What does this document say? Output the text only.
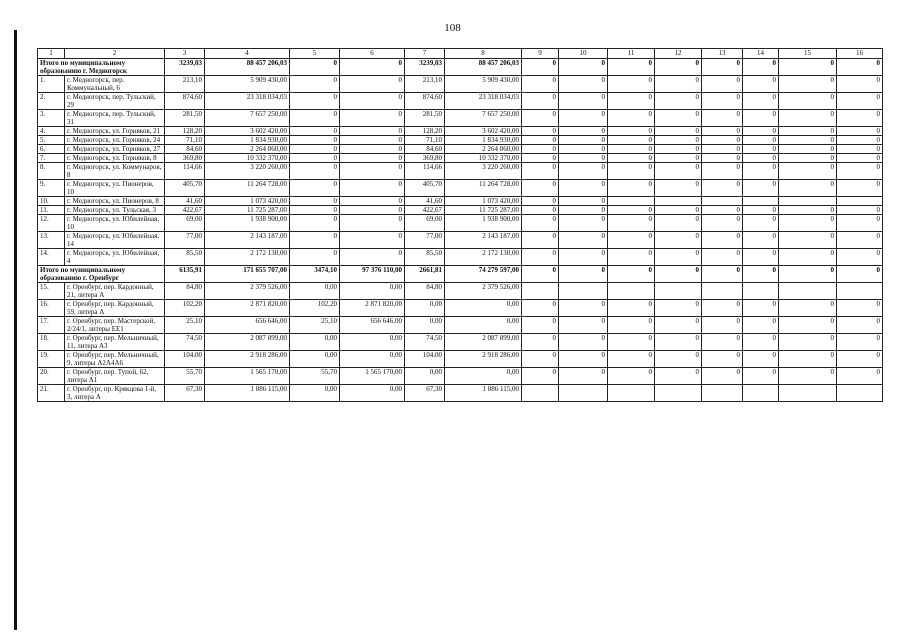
108
1	2	3	4	5	6	7	8	9	10	11	12	13	14	15	16
Итого по муниципальному образованию г. Медногорск		3239,03	88 457 206,03	0	0	3239,03	88 457 206,03	0	0	0	0	0	0	0	0
1.	г. Медногорск, пер. Коммунальный, 6	213,10	5 909 430,00	0	0	213,10	5 909 430,00	0	0	0	0	0	0	0	0
2.	г. Медногорск, пер. Тульский, 29	874,60	23 318 034,03	0	0	874,60	23 318 034,03	0	0	0	0	0	0	0	0
3.	г. Медногорск, пер. Тульский, 31	281,50	7 657 250,00	0	0	281,50	7 657 250,00	0	0	0	0	0	0	0	0
4.	г. Медногорск, ул. Горняков, 21	128,20	3 602 420,00	0	0	128,20	3 602 420,00	0	0	0	0	0	0	0	0
5.	г. Медногорск, ул. Горняков, 24	71,10	1 834 930,00	0	0	71,10	1 834 930,00	0	0	0	0	0	0	0	0
6.	г. Медногорск, ул. Горняков, 27	84,60	2 264 860,00	0	0	84,60	2 264 860,00	0	0	0	0	0	0	0	0
7.	г. Медногорск, ул. Горняков, 8	369,80	10 332 370,00	0	0	369,80	10 332 370,00	0	0	0	0	0	0	0	0
8.	г. Медногорск, ул. Коммунаров, 8	114,66	3 220 260,00	0	0	114,66	3 220 260,00	0	0	0	0	0	0	0	0
9.	г. Медногорск, ул. Пионеров, 10	405,70	11 264 728,00	0	0	405,70	11 264 728,00	0	0	0	0	0	0	0	0
10.	г. Медногорск, ул. Пионеров, 8	41,60	1 073 420,00	0	0	41,60	1 073 420,00	0	0						
11.	г. Медногорск, ул. Тульская, 3	422,67	11 725 287,00	0	0	422,67	11 725 287,00	0	0	0	0	0	0	0	0
12.	г. Медногорск, ул. Юбилейная, 10	69,00	1 938 900,00	0	0	69,00	1 938 900,00	0	0	0	0	0	0	0	0
13.	г. Медногорск, ул. Юбилейная, 14	77,00	2 143 187,00	0	0	77,00	2 143 187,00	0	0	0	0	0	0	0	0
14.	г. Медногорск, ул. Юбилейная, 4	85,50	2 172 130,00	0	0	85,50	2 172 130,00	0	0	0	0	0	0	0	0
Итого по муниципальному образованию г. Оренбург		6135,91	171 655 707,00	3474,10	97 376 110,00	2661,81	74 279 597,00	0	0	0	0	0	0	0	0
15.	г. Оренбург, пер. Кардонный, 21, литера А	84,80	2 379 526,00	0,00	0,00	84,80	2 379 526,00								
16.	г. Оренбург, пер. Кардонный, 59, литера А	102,20	2 871 820,00	102,20	2 871 820,00	0,00	0,00	0	0	0	0	0	0	0	0
17.	г. Оренбург, пер. Мастерской, 2/24/1, литеры ЕЕ1	25,10	656 646,00	25,10	656 646,00	0,00	0,00	0	0	0	0	0	0	0	0
18.	г. Оренбург, пер. Мельничный, 11, литера А3	74,50	2 087 899,00	0,00	0,00	74,50	2 087 899,00	0	0	0	0	0	0	0	0
19.	г. Оренбург, пер. Мельничный, 9, литеры А2А4А6	104,00	2 918 286,00	0,00	0,00	104,00	2 918 286,00	0	0	0	0	0	0	0	0
20.	г. Оренбург, пер. Тупой, 62, литера А1	55,70	1 565 170,00	55,70	1 565 170,00	0,00	0,00	0	0	0	0	0	0	0	0
21.	г. Оренбург, пр. Крякцова 1-й, 3, литера А	67,30	1 886 115,00	0,00	0,00	67,30	1 886 115,00								
